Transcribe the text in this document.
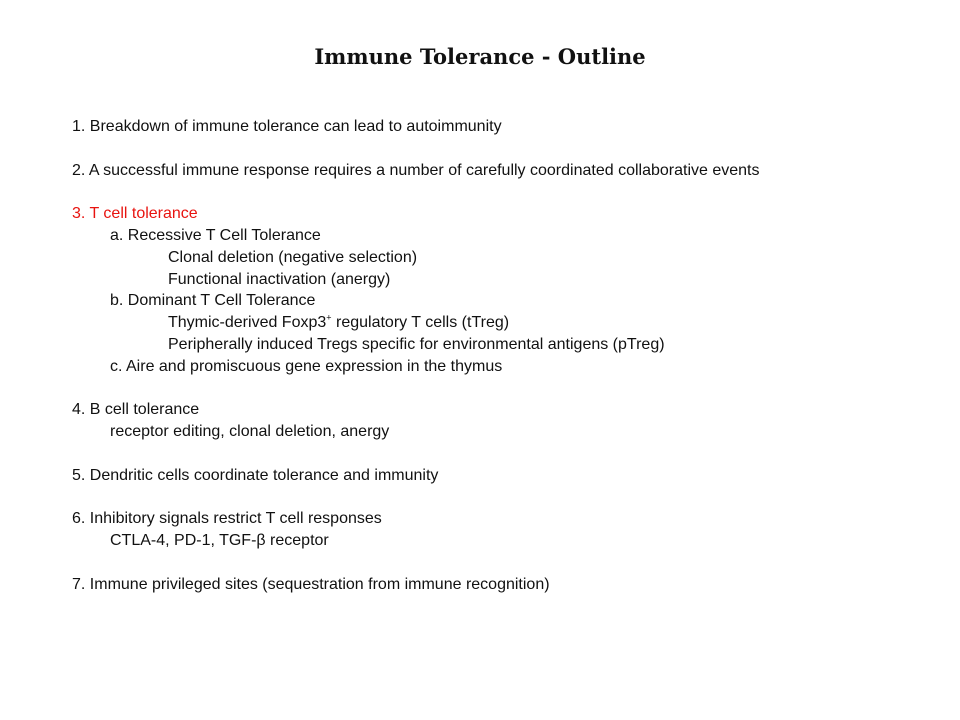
Immune Tolerance - Outline
1. Breakdown of immune tolerance can lead to autoimmunity
2. A successful immune response requires a number of carefully coordinated collaborative events
3. T cell tolerance
a. Recessive T Cell Tolerance
Clonal deletion (negative selection)
Functional inactivation (anergy)
b. Dominant T Cell Tolerance
Thymic-derived Foxp3+ regulatory T cells (tTreg)
Peripherally induced Tregs specific for environmental antigens (pTreg)
c. Aire and promiscuous gene expression in the thymus
4. B cell tolerance
receptor editing, clonal deletion, anergy
5. Dendritic cells coordinate tolerance and immunity
6. Inhibitory signals restrict T cell responses
CTLA-4, PD-1, TGF-β receptor
7. Immune privileged sites (sequestration from immune recognition)
